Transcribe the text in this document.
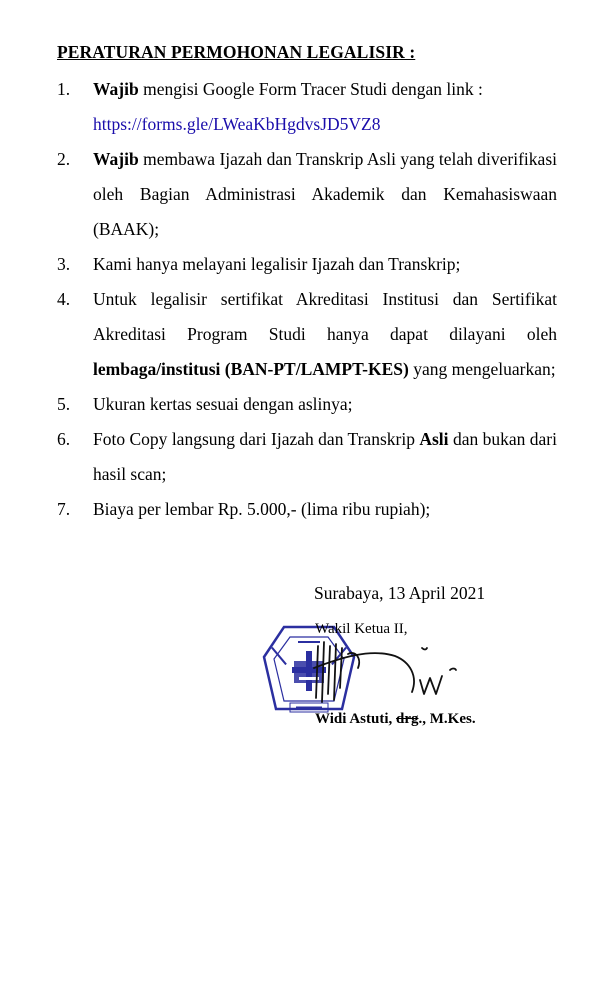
PERATURAN PERMOHONAN LEGALISIR :
1. Wajib mengisi Google Form Tracer Studi dengan link :
https://forms.gle/LWeaKbHgdvsJD5VZ8
2. Wajib membawa Ijazah dan Transkrip Asli yang telah diverifikasi oleh Bagian Administrasi Akademik dan Kemahasiswaan (BAAK);
3. Kami hanya melayani legalisir Ijazah dan Transkrip;
4. Untuk legalisir sertifikat Akreditasi Institusi dan Sertifikat Akreditasi Program Studi hanya dapat dilayani oleh lembaga/institusi (BAN-PT/LAMPT-KES) yang mengeluarkan;
5. Ukuran kertas sesuai dengan aslinya;
6. Foto Copy langsung dari Ijazah dan Transkrip Asli dan bukan dari hasil scan;
7. Biaya per lembar Rp. 5.000,- (lima ribu rupiah);
Surabaya, 13 April 2021
Wakil Ketua II,
Widi Astuti, drg., M.Kes.
